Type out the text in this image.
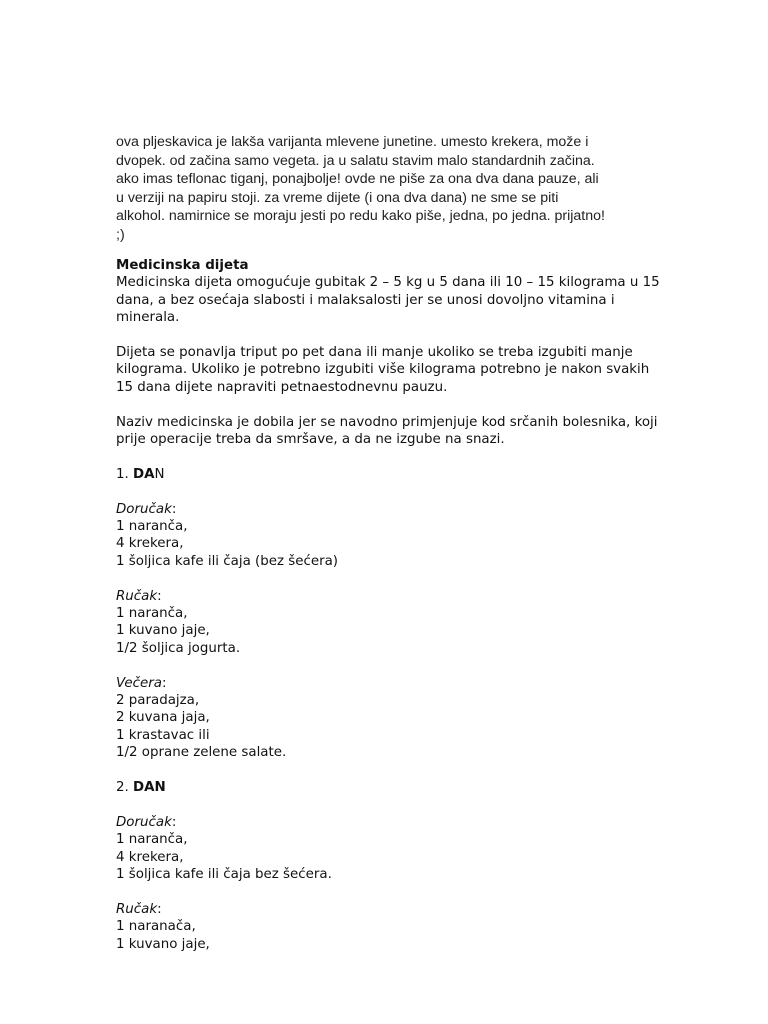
ova pljeskavica je lakša varijanta mlevene junetine. umesto krekera, može i
dvopek. od začina samo vegeta. ja u salatu stavim malo standardnih začina.
ako imas teflonac tiganj, ponajbolje! ovde ne piše za ona dva dana pauze, ali
u verziji na papiru stoji. za vreme dijete (i ona dva dana) ne sme se piti
alkohol. namirnice se moraju jesti po redu kako piše, jedna, po jedna. prijatno!
;)
Medicinska dijeta
Medicinska dijeta omogućuje gubitak 2 – 5 kg u 5 dana ili 10 – 15 kilograma u 15
dana, a bez osećaja slabosti i malaksalosti jer se unosi dovoljno vitamina i
minerala.
Dijeta se ponavlja triput po pet dana ili manje ukoliko se treba izgubiti manje
kilograma. Ukoliko je potrebno izgubiti više kilograma potrebno je nakon svakih
15 dana dijete napraviti petnaestodnevnu pauzu.
Naziv medicinska je dobila jer se navodno primjenjuje kod srčanih bolesnika, koji
prije operacije treba da smršave, a da ne izgube na snazi.
1. DAN
Doručak:
1 naranča,
4 krekera,
1 šoljica kafe ili čaja (bez šećera)
Ručak:
1 naranča,
1 kuvano jaje,
1/2 šoljica jogurta.
Večera:
2 paradajza,
2 kuvana jaja,
1 krastavac ili
1/2 oprane zelene salate.
2. DAN
Doručak:
1 naranča,
4 krekera,
1 šoljica kafe ili čaja bez šećera.
Ručak:
1 naranača,
1 kuvano jaje,
